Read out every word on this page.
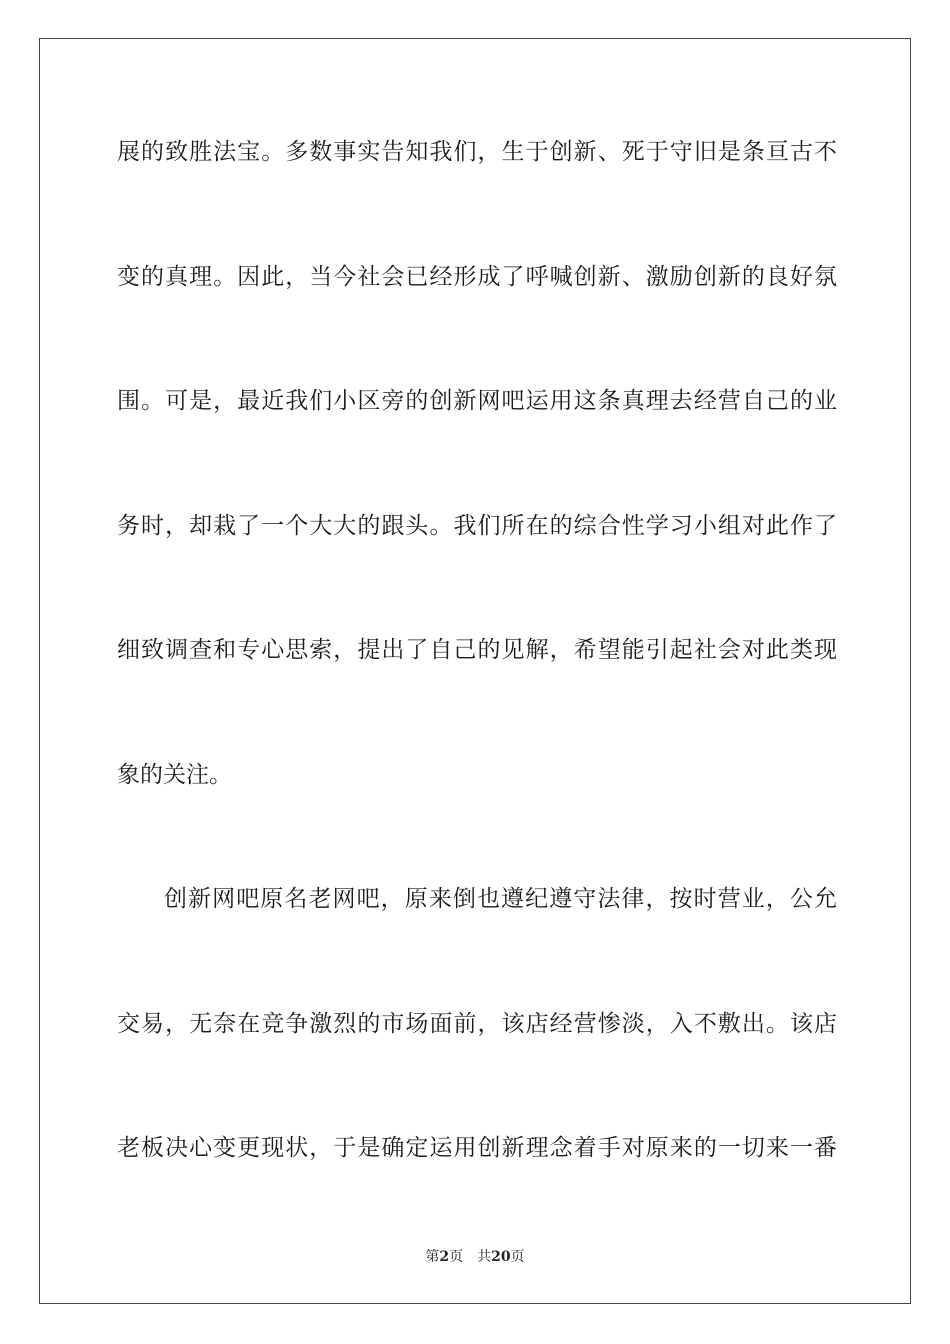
展的致胜法宝。多数事实告知我们，生于创新、死于守旧是条亘古不
变的真理。因此，当今社会已经形成了呼喊创新、激励创新的良好氛
围。可是，最近我们小区旁的创新网吧运用这条真理去经营自己的业
务时，却栽了一个大大的跟头。我们所在的综合性学习小组对此作了
细致调查和专心思索，提出了自己的见解，希望能引起社会对此类现
象的关注。
创新网吧原名老网吧，原来倒也遵纪遵守法律，按时营业，公允
交易，无奈在竞争激烈的市场面前，该店经营惨淡，入不敷出。该店
老板决心变更现状，于是确定运用创新理念着手对原来的一切来一番
第2页 共20页
